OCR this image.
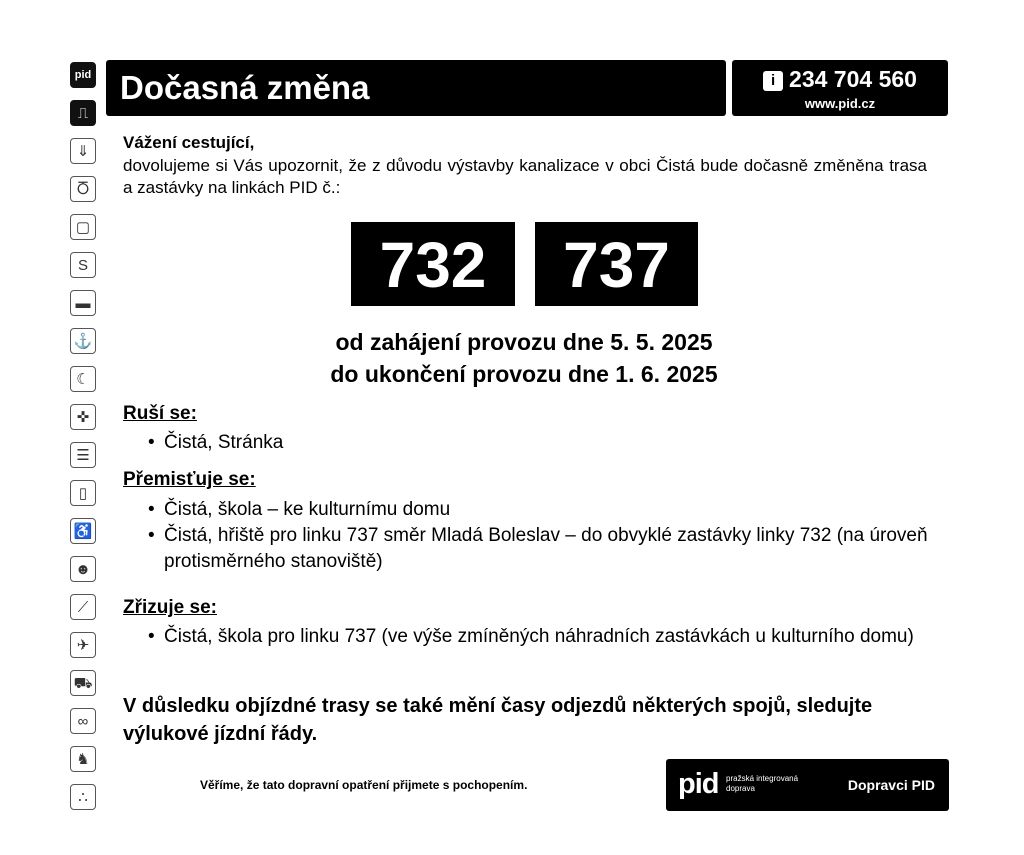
pid
⎍
⇓
Ⴃ
▢
S
▬
⚓
☾
✜
☰
▯
♿
☻
⟋
✈
⛟
∞
♞
∴
Dočasná změna	i 234 704 560
www.pid.cz
Vážení cestující,
dovolujeme si Vás upozornit, že z důvodu výstavby kanalizace v obci Čistá bude dočasně změněna trasa a zastávky na linkách PID č.:
732	737
od zahájení provozu dne 5. 5. 2025
do ukončení provozu dne 1. 6. 2025
Ruší se:
• Čistá, Stránka
Přemisťuje se:
• Čistá, škola – ke kulturnímu domu
• Čistá, hřiště pro linku 737 směr Mladá Boleslav – do obvyklé zastávky linky 732 (na úroveň protisměrného stanoviště)
Zřizuje se:
• Čistá, škola pro linku 737 (ve výše zmíněných náhradních zastávkách u kulturního domu)
V důsledku objízdné trasy se také mění časy odjezdů některých spojů, sledujte výlukové jízdní řády.
Věříme, že tato dopravní opatření přijmete s pochopením.	pid pražská integrovaná doprava	Dopravci PID
